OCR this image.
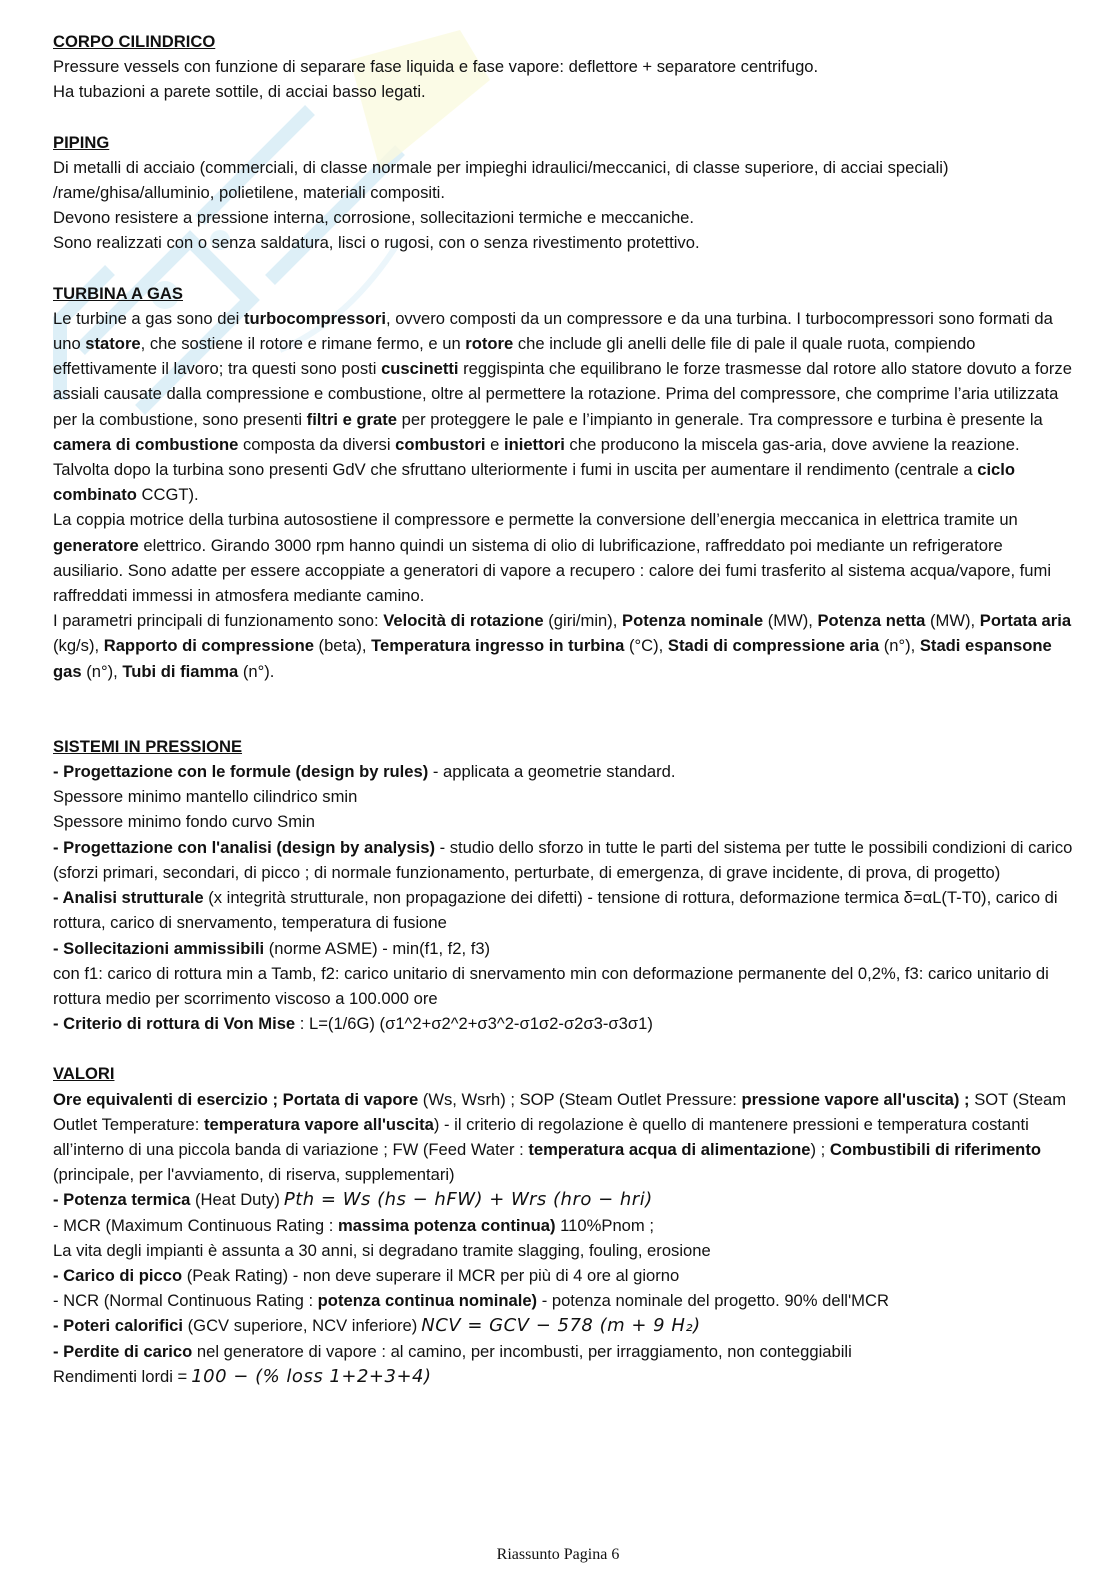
CORPO CILINDRICO

Pressure vessels con funzione di separare fase liquida e fase vapore: deflettore + separatore centrifugo.

Ha tubazioni a parete sottile, di acciai basso legati.

PIPING

Di metalli di acciaio (commerciali, di classe normale per impieghi idraulici/meccanici, di classe superiore, di acciai speciali) /rame/ghisa/alluminio, polietilene, materiali compositi.

Devono resistere a pressione interna, corrosione, sollecitazioni termiche e meccaniche.

Sono realizzati con o senza saldatura, lisci o rugosi, con o senza rivestimento protettivo.

TURBINA A GAS

Le turbine a gas sono dei turbocompressori, ovvero composti da un compressore e da una turbina. I turbocompressori sono formati da uno statore, che sostiene il rotore e rimane fermo, e un rotore che include gli anelli delle file di pale il quale ruota, compiendo effettivamente il lavoro; tra questi sono posti cuscinetti reggispinta che equilibrano le forze trasmesse dal rotore allo statore dovuto a forze assiali causate dalla compressione e combustione, oltre al permettere la rotazione. Prima del compressore, che comprime l’aria utilizzata per la combustione, sono presenti filtri e grate per proteggere le pale e l’impianto in generale. Tra compressore e turbina è presente la camera di combustione composta da diversi combustori e iniettori che producono la miscela gas-aria, dove avviene la reazione.

Talvolta dopo la turbina sono presenti GdV che sfruttano ulteriormente i fumi in uscita per aumentare il rendimento (centrale a ciclo combinato CCGT).

La coppia motrice della turbina autosostiene il compressore e permette la conversione dell’energia meccanica in elettrica tramite un generatore elettrico. Girando 3000 rpm hanno quindi un sistema di olio di lubrificazione, raffreddato poi mediante un refrigeratore ausiliario. Sono adatte per essere accoppiate a generatori di vapore a recupero : calore dei fumi trasferito al sistema acqua/vapore, fumi raffreddati immessi in atmosfera mediante camino.

I parametri principali di funzionamento sono: Velocità di rotazione (giri/min), Potenza nominale (MW), Potenza netta (MW), Portata aria (kg/s), Rapporto di compressione (beta), Temperatura ingresso in turbina (°C), Stadi di compressione aria (n°), Stadi espansone gas (n°), Tubi di fiamma (n°).

SISTEMI IN PRESSIONE

- Progettazione con le formule (design by rules) - applicata a geometrie standard.

Spessore minimo mantello cilindrico smin

Spessore minimo fondo curvo Smin

- Progettazione con l'analisi (design by analysis) - studio dello sforzo in tutte le parti del sistema per tutte le possibili condizioni di carico (sforzi primari, secondari, di picco ; di normale funzionamento, perturbate, di emergenza, di grave incidente, di prova, di progetto)

- Analisi strutturale (x integrità strutturale, non propagazione dei difetti) - tensione di rottura, deformazione termica δ=αL(T-T0), carico di rottura, carico di snervamento, temperatura di fusione

- Sollecitazioni ammissibili (norme ASME) - min(f1, f2, f3)

con f1: carico di rottura min a Tamb, f2: carico unitario di snervamento min con deformazione permanente del 0,2%, f3: carico unitario di rottura medio per scorrimento viscoso a 100.000 ore

- Criterio di rottura di Von Mise : L=(1/6G) (σ1^2+σ2^2+σ3^2-σ1σ2-σ2σ3-σ3σ1)

VALORI

Ore equivalenti di esercizio ; Portata di vapore (Ws, Wsrh) ; SOP (Steam Outlet Pressure: pressione vapore all'uscita) ; SOT (Steam Outlet Temperature: temperatura vapore all'uscita) - il criterio di regolazione è quello di mantenere pressioni e temperatura costanti all’interno di una piccola banda di variazione ; FW (Feed Water : temperatura acqua di alimentazione) ; Combustibili di riferimento (principale, per l'avviamento, di riserva, supplementari)

- Potenza termica (Heat Duty) Pth = Ws (hs − hFW) + Wrs (hro − hri)

- MCR (Maximum Continuous Rating : massima potenza continua) 110%Pnom ;

La vita degli impianti è assunta a 30 anni, si degradano tramite slagging, fouling, erosione

- Carico di picco (Peak Rating) - non deve superare il MCR per più di 4 ore al giorno

- NCR (Normal Continuous Rating : potenza continua nominale) - potenza nominale del progetto. 90% dell'MCR

- Poteri calorifici (GCV superiore, NCV inferiore) NCV = GCV − 578 (m + 9 H₂)

- Perdite di carico nel generatore di vapore : al camino, per incombusti, per irraggiamento, non conteggiabili

Rendimenti lordi = 100 − (% loss 1+2+3+4)

Riassunto Pagina 6
